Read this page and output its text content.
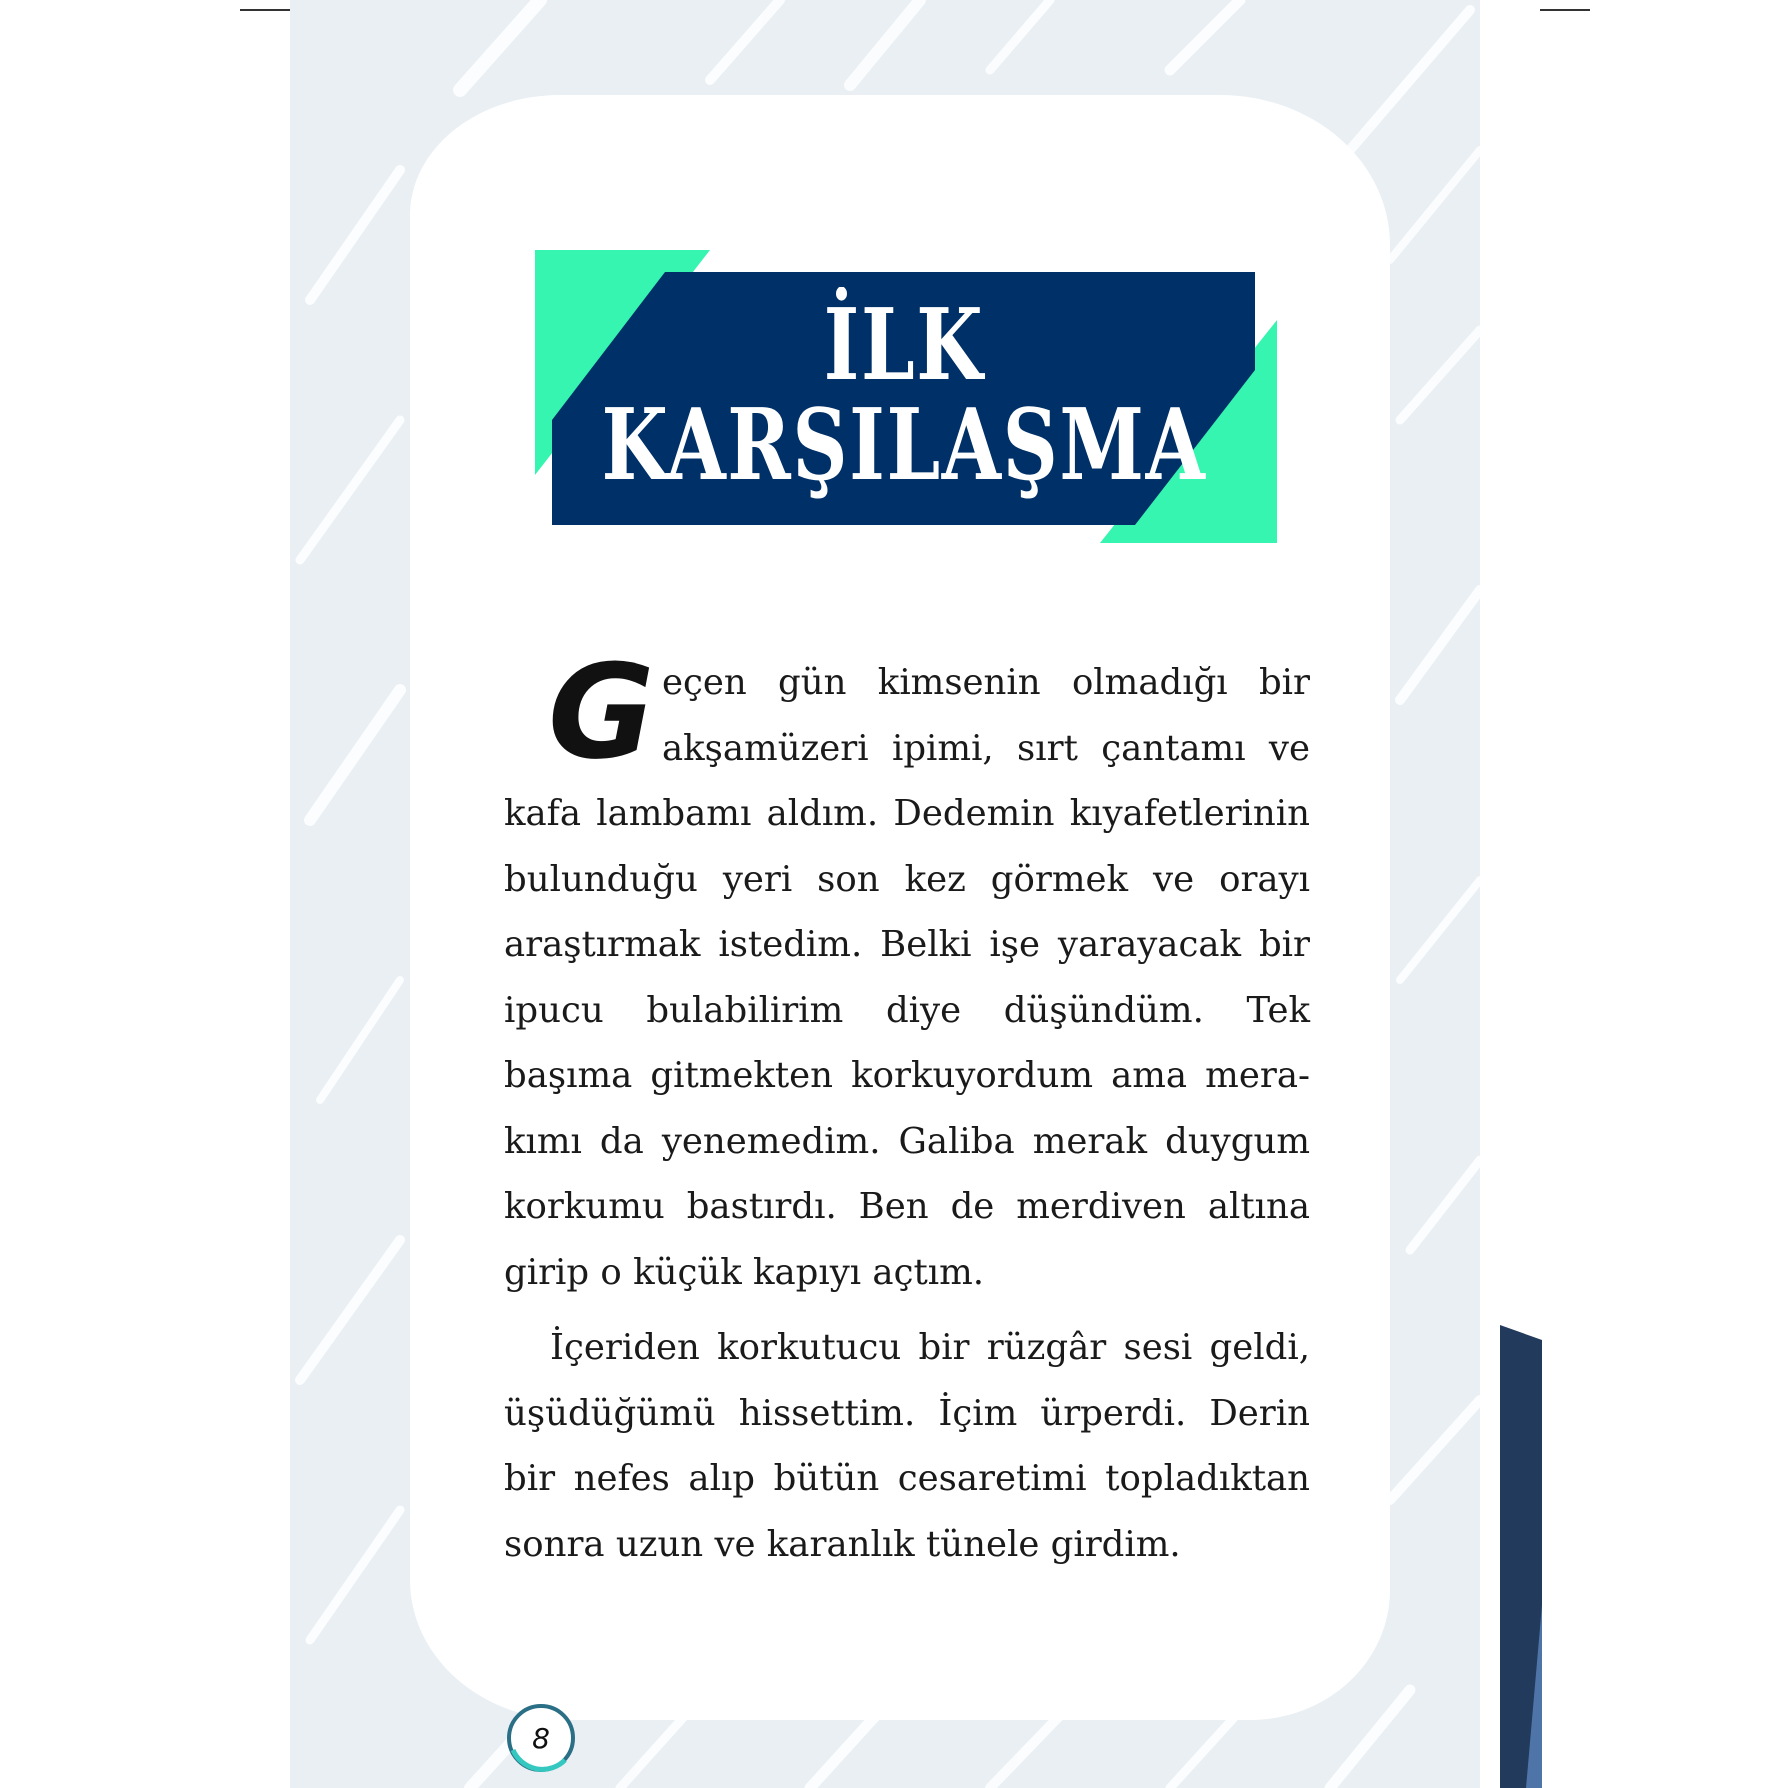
İLK
KARŞILAŞMA

G eçen gün kimsenin olmadığı bir akşamüzeri ipimi, sırt çantamı ve kafa lambamı aldım. Dedemin kıyafetlerinin bulunduğu yeri son kez görmek ve orayı araştırmak istedim. Belki işe yarayacak bir ipucu bulabilirim diye düşündüm. Tek başıma gitmekten korkuyordum ama merakımı da yenemedim. Galiba merak duygum korkumu bastırdı. Ben de merdiven altına girip o küçük kapıyı açtım.

İçeriden korkutucu bir rüzgâr sesi geldi, üşüdüğümü hissettim. İçim ürperdi. Derin bir nefes alıp bütün cesaretimi topladıktan sonra uzun ve karanlık tünele girdim.

8
